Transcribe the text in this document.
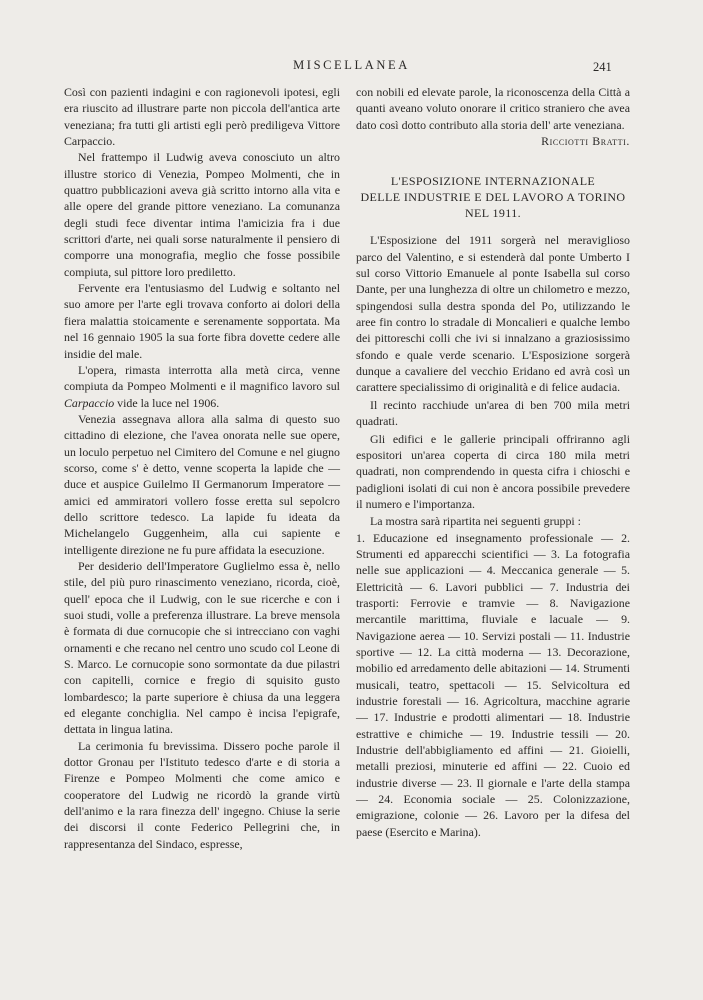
MISCELLANEA	241

Così con pazienti indagini e con ragionevoli ipotesi, egli era riuscito ad illustrare parte non piccola dell'antica arte veneziana; fra tutti gli artisti egli però prediligeva Vittore Carpaccio.

Nel frattempo il Ludwig aveva conosciuto un altro illustre storico di Venezia, Pompeo Molmenti, che in quattro pubblicazioni aveva già scritto intorno alla vita e alle opere del grande pittore veneziano. La comunanza degli studi fece diventar intima l'amicizia fra i due scrittori d'arte, nei quali sorse naturalmente il pensiero di comporre una monografia, meglio che fosse possibile compiuta, sul pittore loro prediletto.

Fervente era l'entusiasmo del Ludwig e soltanto nel suo amore per l'arte egli trovava conforto ai dolori della fiera malattia stoicamente e serenamente sopportata. Ma nel 16 gennaio 1905 la sua forte fibra dovette cedere alle insidie del male.

L'opera, rimasta interrotta alla metà circa, venne compiuta da Pompeo Molmenti e il magnifico lavoro sul Carpaccio vide la luce nel 1906.

Venezia assegnava allora alla salma di questo suo cittadino di elezione, che l'avea onorata nelle sue opere, un loculo perpetuo nel Cimitero del Comune e nel giugno scorso, come s' è detto, venne scoperta la lapide che — duce et auspice Guilelmo II Germanorum Imperatore — amici ed ammiratori vollero fosse eretta sul sepolcro dello scrittore tedesco. La lapide fu ideata da Michelangelo Guggenheim, alla cui sapiente e intelligente direzione ne fu pure affidata la esecuzione.

Per desiderio dell'Imperatore Guglielmo essa è, nello stile, del più puro rinascimento veneziano, ricorda, cioè, quell' epoca che il Ludwig, con le sue ricerche e con i suoi studi, volle a preferenza illustrare. La breve mensola è formata di due cornucopie che si intrecciano con vaghi ornamenti e che recano nel centro uno scudo col Leone di S. Marco. Le cornucopie sono sormontate da due pilastri con capitelli, cornice e fregio di squisito gusto lombardesco; la parte superiore è chiusa da una leggera ed elegante conchiglia. Nel campo è incisa l'epigrafe, dettata in lingua latina.

La cerimonia fu brevissima. Dissero poche parole il dottor Gronau per l'Istituto tedesco d'arte e di storia a Firenze e Pompeo Molmenti che come amico e cooperatore del Ludwig ne ricordò la grande virtù dell'animo e la rara finezza dell' ingegno. Chiuse la serie dei discorsi il conte Federico Pellegrini che, in rappresentanza del Sindaco, espresse,

con nobili ed elevate parole, la riconoscenza della Città a quanti aveano voluto onorare il critico straniero che avea dato così dotto contributo alla storia dell' arte veneziana.

Ricciotti Bratti.

L'ESPOSIZIONE INTERNAZIONALE
DELLE INDUSTRIE E DEL LAVORO A TORINO
NEL 1911.

L'Esposizione del 1911 sorgerà nel meraviglioso parco del Valentino, e si estenderà dal ponte Umberto I sul corso Vittorio Emanuele al ponte Isabella sul corso Dante, per una lunghezza di oltre un chilometro e mezzo, spingendosi sulla destra sponda del Po, utilizzando le aree fin contro lo stradale di Moncalieri e qualche lembo dei pittoreschi colli che ivi si innalzano a graziosissimo sfondo e quale verde scenario. L'Esposizione sorgerà dunque a cavaliere del vecchio Eridano ed avrà così un carattere specialissimo di originalità e di felice audacia.

Il recinto racchiude un'area di ben 700 mila metri quadrati.

Gli edifici e le gallerie principali offriranno agli espositori un'area coperta di circa 180 mila metri quadrati, non comprendendo in questa cifra i chioschi e padiglioni isolati di cui non è ancora possibile prevedere il numero e l'importanza.

La mostra sarà ripartita nei seguenti gruppi :

1. Educazione ed insegnamento professionale — 2. Strumenti ed apparecchi scientifici — 3. La fotografia nelle sue applicazioni — 4. Meccanica generale — 5. Elettricità — 6. Lavori pubblici — 7. Industria dei trasporti: Ferrovie e tramvie — 8. Navigazione mercantile marittima, fluviale e lacuale — 9. Navigazione aerea — 10. Servizi postali — 11. Industrie sportive — 12. La città moderna — 13. Decorazione, mobilio ed arredamento delle abitazioni — 14. Strumenti musicali, teatro, spettacoli — 15. Selvicoltura ed industrie forestali — 16. Agricoltura, macchine agrarie — 17. Industrie e prodotti alimentari — 18. Industrie estrattive e chimiche — 19. Industrie tessili — 20. Industrie dell'abbigliamento ed affini — 21. Gioielli, metalli preziosi, minuterie ed affini — 22. Cuoio ed industrie diverse — 23. Il giornale e l'arte della stampa — 24. Economia sociale — 25. Colonizzazione, emigrazione, colonie — 26. Lavoro per la difesa del paese (Esercito e Marina).
